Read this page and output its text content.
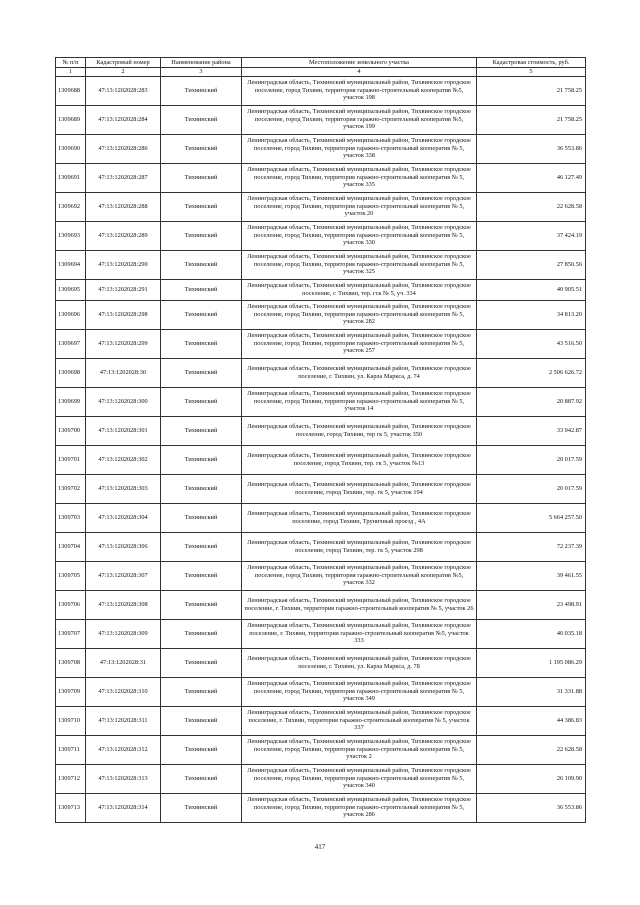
№ п/п	Кадастровый номер	Наименование района	Местоположение земельного участка	Кадастровая стоимость, руб.
1	2	3	4	5
1309688	47:13:1202028:283	Тихвинский	Ленинградская область, Тихвинский муниципальный район, Тихвинское городское поселение, город Тихвин, территория гаражно-строительный кооператив №5, участок 198	21 758.25
1309689	47:13:1202028:284	Тихвинский	Ленинградская область, Тихвинский муниципальный район, Тихвинское городское поселение, город Тихвин, территория гаражно-строительный кооператив №5, участок 199	21 758.25
1309690	47:13:1202028:286	Тихвинский	Ленинградская область, Тихвинский муниципальный район, Тихвинское городское поселение, город Тихвин, территория гаражно-строительный кооператив № 5, участок 338	36 553.86
1309691	47:13:1202028:287	Тихвинский	Ленинградская область, Тихвинский муниципальный район, Тихвинское городское поселение, город Тихвин, территория гаражно-строительный кооператив № 5, участок 335	46 127.49
1309692	47:13:1202028:288	Тихвинский	Ленинградская область, Тихвинский муниципальный район, Тихвинское городское поселение, город Тихвин, территория гаражно-строительный кооператив № 5, участок 20	22 628.58
1309693	47:13:1202028:289	Тихвинский	Ленинградская область, Тихвинский муниципальный район, Тихвинское городское поселение, город Тихвин, территория гаражно-строительный кооператив № 5, участок 330	37 424.19
1309694	47:13:1202028:290	Тихвинский	Ленинградская область, Тихвинский муниципальный район, Тихвинское городское поселение, город Тихвин, территория гаражно-строительный кооператив № 5, участок 325	27 850.56
1309695	47:13:1202028:291	Тихвинский	Ленинградская область, Тихвинский муниципальный район, Тихвинское городское поселение, г. Тихвин, тер. гск № 5, уч. 334	40 905.51
1309696	47:13:1202028:298	Тихвинский	Ленинградская область, Тихвинский муниципальный район, Тихвинское городское поселение, город Тихвин, территория гаражно-строительный кооператив № 5, участок 282	34 813.20
1309697	47:13:1202028:299	Тихвинский	Ленинградская область, Тихвинский муниципальный район, Тихвинское городское поселение, город Тихвин, территория гаражно-строительный кооператив № 5, участок 257	43 516.50
1309698	47:13:1202028:30	Тихвинский	Ленинградская область, Тихвинский муниципальный район, Тихвинское городское поселение, г. Тихвин, ул. Карла Маркса, д. 74	2 506 626.72
1309699	47:13:1202028:300	Тихвинский	Ленинградская область, Тихвинский муниципальный район, Тихвинское городское поселение, город Тихвин, территория гаражно-строительный кооператив № 5, участок 14	20 887.92
1309700	47:13:1202028:301	Тихвинский	Ленинградская область, Тихвинский муниципальный район, Тихвинское городское поселение, город Тихвин, тер гк 5, участок 350	33 942.87
1309701	47:13:1202028:302	Тихвинский	Ленинградская область, Тихвинский муниципальный район, Тихвинское городское поселение, город Тихвин, тер. гк 5, участок №13	20 017.59
1309702	47:13:1202028:303	Тихвинский	Ленинградская область, Тихвинский муниципальный район, Тихвинское городское поселение, город Тихвин, тер. гк 5, участок 194	20 017.59
1309703	47:13:1202028:304	Тихвинский	Ленинградская область, Тихвинский муниципальный район, Тихвинское городское поселение, город Тихвин, Труничный проезд , 4А	5 664 257.50
1309704	47:13:1202028:306	Тихвинский	Ленинградская область, Тихвинский муниципальный район, Тихвинское городское поселение, город Тихвин, тер. гк 5, участок 298	72 237.39
1309705	47:13:1202028:307	Тихвинский	Ленинградская область, Тихвинский муниципальный район, Тихвинское городское поселение, город Тихвин, территория гаражно-строительный кооператив №5, участок 332	39 461.55
1309706	47:13:1202028:308	Тихвинский	Ленинградская область, Тихвинский муниципальный район, Тихвинское городское поселение, г. Тихвин, территория гаражно-строительный кооператив № 5, участок 26	23 498.91
1309707	47:13:1202028:309	Тихвинский	Ленинградская область, Тихвинский муниципальный район, Тихвинское городское поселение, г. Тихвин, территория гаражно-строительный кооператив №5, участок 333	40 035.18
1309708	47:13:1202028:31	Тихвинский	Ленинградская область, Тихвинский муниципальный район, Тихвинское городское поселение, г. Тихвин, ул. Карла Маркса, д. 78	1 195 086.29
1309709	47:13:1202028:310	Тихвинский	Ленинградская область, Тихвинский муниципальный район, Тихвинское городское поселение, город Тихвин, территория гаражно-строительный кооператив № 5, участок 349	31 331.88
1309710	47:13:1202028:311	Тихвинский	Ленинградская область, Тихвинский муниципальный район, Тихвинское городское поселение, г. Тихвин, территория гаражно-строительный кооператив № 5, участок 337	44 386.83
1309711	47:13:1202028:312	Тихвинский	Ленинградская область, Тихвинский муниципальный район, Тихвинское городское поселение, город Тихвин, территория гаражно-строительный кооператив № 5, участок 2	22 628.58
1309712	47:13:1202028:313	Тихвинский	Ленинградская область, Тихвинский муниципальный район, Тихвинское городское поселение, город Тихвин, территория гаражно-строительный кооператив № 5, участок 340	26 109.90
1309713	47:13:1202028:314	Тихвинский	Ленинградская область, Тихвинский муниципальный район, Тихвинское городское поселение, город Тихвин, территория гаражно-строительный кооператив № 5, участок 286	36 553.86
417
